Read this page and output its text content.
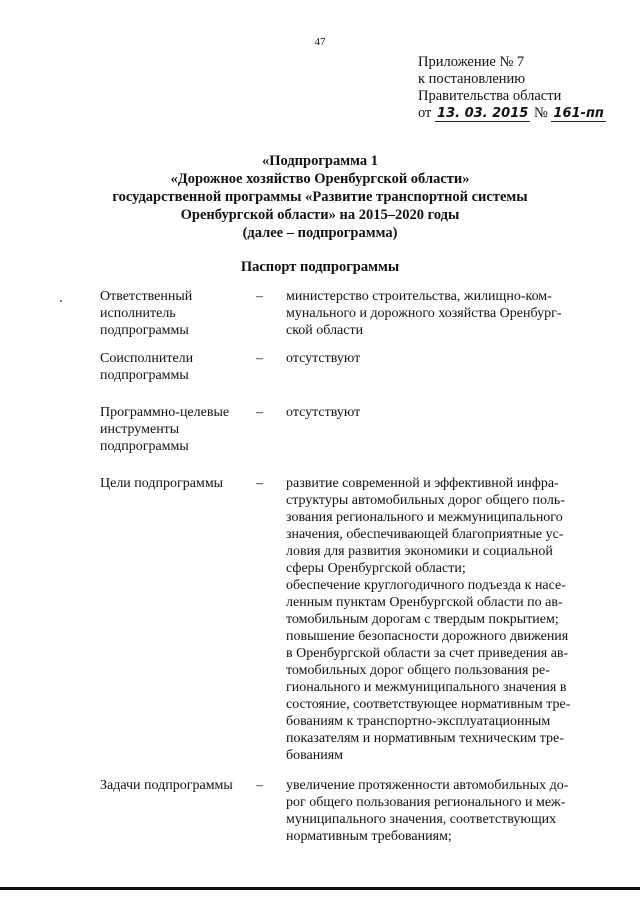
47
Приложение № 7
к постановлению
Правительства области
от 13. 03. 2015 № 161-пп
«Подпрограмма 1
«Дорожное хозяйство Оренбургской области»
государственной программы «Развитие транспортной системы
Оренбургской области» на 2015–2020 годы
(далее – подпрограмма)
Паспорт подпрограммы
Ответственный
исполнитель
подпрограммы
–	министерство строительства, жилищно-ком-
мунального и дорожного хозяйства Оренбург-
ской области
Соисполнители
подпрограммы
–	отсутствуют
Программно-целевые
инструменты
подпрограммы
–	отсутствуют
Цели подпрограммы	–	развитие современной и эффективной инфра-
структуры автомобильных дорог общего поль-
зования регионального и межмуниципального
значения, обеспечивающей благоприятные ус-
ловия для развития экономики и социальной
сферы Оренбургской области;
обеспечение круглогодичного подъезда к насе-
ленным пунктам Оренбургской области по ав-
томобильным дорогам с твердым покрытием;
повышение безопасности дорожного движения
в Оренбургской области за счет приведения ав-
томобильных дорог общего пользования ре-
гионального и межмуниципального значения в
состояние, соответствующее нормативным тре-
бованиям к транспортно-эксплуатационным
показателям и нормативным техническим тре-
бованиям
Задачи подпрограммы	–	увеличение протяженности автомобильных до-
рог общего пользования регионального и меж-
муниципального значения, соответствующих
нормативным требованиям;
